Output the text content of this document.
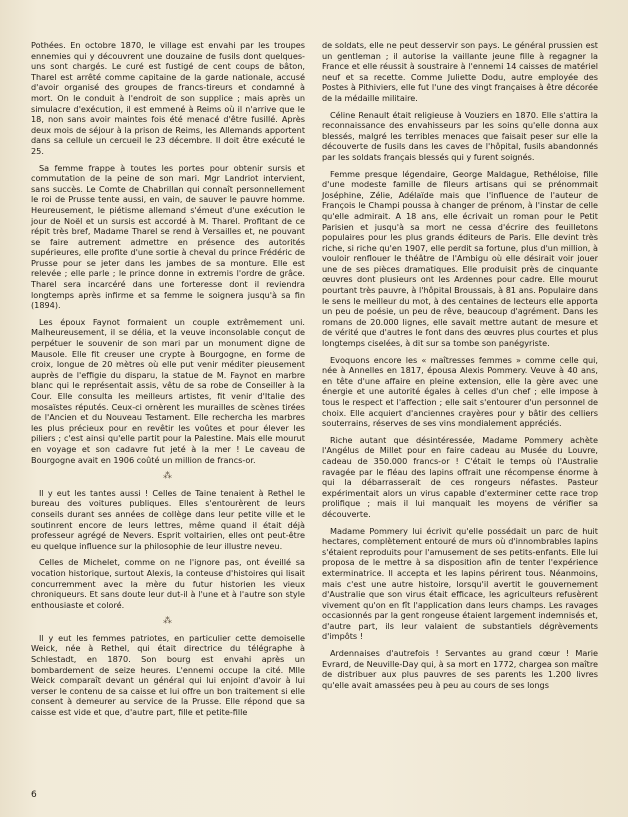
Pothées. En octobre 1870, le village est envahi par les troupes ennemies qui y découvrent une douzaine de fusils dont quelques-uns sont chargés. Le curé est fustigé de cent coups de bâton, Tharel est arrêté comme capitaine de la garde nationale, accusé d'avoir organisé des groupes de francs-tireurs et condamné à mort. On le conduit à l'endroit de son supplice ; mais après un simulacre d'exécution, il est emmené à Reims où il n'arrive que le 18, non sans avoir maintes fois été menacé d'être fusillé. Après deux mois de séjour à la prison de Reims, les Allemands apportent dans sa cellule un cercueil le 23 décembre. Il doit être exécuté le 25.

Sa femme frappe à toutes les portes pour obtenir sursis et commutation de la peine de son mari. Mgr Landriot intervient, sans succès. Le Comte de Chabrillan qui connaît personnellement le roi de Prusse tente aussi, en vain, de sauver le pauvre homme. Heureusement, le piétisme allemand s'émeut d'une exécution le jour de Noël et un sursis est accordé à M. Tharel. Profitant de ce répit très bref, Madame Tharel se rend à Versailles et, ne pouvant se faire autrement admettre en présence des autorités supérieures, elle profite d'une sortie à cheval du prince Frédéric de Prusse pour se jeter dans les jambes de sa monture. Elle est relevée ; elle parle ; le prince donne in extremis l'ordre de grâce. Tharel sera incarcéré dans une forteresse dont il reviendra longtemps après infirme et sa femme le soignera jusqu'à sa fin (1894).

Les époux Faynot formaient un couple extrêmement uni. Malheureusement, il se délia, et la veuve inconsolable conçut de perpétuer le souvenir de son mari par un monument digne de Mausole. Elle fit creuser une crypte à Bourgogne, en forme de croix, longue de 20 mètres où elle put venir méditer pieusement auprès de l'effigie du disparu, la statue de M. Faynot en marbre blanc qui le représentait assis, vêtu de sa robe de Conseiller à la Cour. Elle consulta les meilleurs artistes, fit venir d'Italie des mosaïstes réputés. Ceux-ci ornèrent les murailles de scènes tirées de l'Ancien et du Nouveau Testament. Elle rechercha les marbres les plus précieux pour en revêtir les voûtes et pour élever les piliers ; c'est ainsi qu'elle partit pour la Palestine. Mais elle mourut en voyage et son cadavre fut jeté à la mer ! Le caveau de Bourgogne avait en 1906 coûté un million de francs-or.

⁂

Il y eut les tantes aussi ! Celles de Taine tenaient à Rethel le bureau des voitures publiques. Elles s'entourèrent de leurs conseils durant ses années de collège dans leur petite ville et le soutinrent encore de leurs lettres, même quand il était déjà professeur agrégé de Nevers. Esprit voltairien, elles ont peut-être eu quelque influence sur la philosophie de leur illustre neveu.

Celles de Michelet, comme on ne l'ignore pas, ont éveillé sa vocation historique, surtout Alexis, la conteuse d'histoires qui lisait concurremment avec la mère du futur historien les vieux chroniqueurs. Et sans doute leur dut-il à l'une et à l'autre son style enthousiaste et coloré.

⁂

Il y eut les femmes patriotes, en particulier cette demoiselle Weick, née à Rethel, qui était directrice du télégraphe à Schlestadt, en 1870. Son bourg est envahi après un bombardement de seize heures. L'ennemi occupe la cité. Mlle Weick comparaît devant un général qui lui enjoint d'avoir à lui verser le contenu de sa caisse et lui offre un bon traitement si elle consent à demeurer au service de la Prusse. Elle répond que sa caisse est vide et que, d'autre part, fille et petite-fille

de soldats, elle ne peut desservir son pays. Le général prussien est un gentleman ; il autorise la vaillante jeune fille à regagner la France et elle réussit à soustraire à l'ennemi 14 caisses de matériel neuf et sa recette. Comme Juliette Dodu, autre employée des Postes à Pithiviers, elle fut l'une des vingt françaises à être décorée de la médaille militaire.

Céline Renault était religieuse à Vouziers en 1870. Elle s'attira la reconnaissance des envahisseurs par les soins qu'elle donna aux blessés, malgré les terribles menaces que faisait peser sur elle la découverte de fusils dans les caves de l'hôpital, fusils abandonnés par les soldats français blessés qui y furent soignés.

Femme presque légendaire, George Maldague, Rethéloise, fille d'une modeste famille de fileurs artisans qui se prénommait Joséphine, Zélie, Adélaïde mais que l'influence de l'auteur de François le Champi poussa à changer de prénom, à l'instar de celle qu'elle admirait. A 18 ans, elle écrivait un roman pour le Petit Parisien et jusqu'à sa mort ne cessa d'écrire des feuilletons populaires pour les plus grands éditeurs de Paris. Elle devint très riche, si riche qu'en 1907, elle perdit sa fortune, plus d'un million, à vouloir renflouer le théâtre de l'Ambigu où elle désirait voir jouer une de ses pièces dramatiques. Elle produisit près de cinquante œuvres dont plusieurs ont les Ardennes pour cadre. Elle mourut pourtant très pauvre, à l'hôpital Broussais, à 81 ans. Populaire dans le sens le meilleur du mot, à des centaines de lecteurs elle apporta un peu de poésie, un peu de rêve, beaucoup d'agrément. Dans les romans de 20.000 lignes, elle savait mettre autant de mesure et de vérité que d'autres le font dans des œuvres plus courtes et plus longtemps ciselées, à dit sur sa tombe son panégyriste.

Evoquons encore les « maîtresses femmes » comme celle qui, née à Annelles en 1817, épousa Alexis Pommery. Veuve à 40 ans, en tête d'une affaire en pleine extension, elle la gère avec une énergie et une autorité égales à celles d'un chef ; elle impose à tous le respect et l'affection ; elle sait s'entourer d'un personnel de choix. Elle acquiert d'anciennes crayères pour y bâtir des celliers souterrains, réserves de ses vins mondialement appréciés.

Riche autant que désintéressée, Madame Pommery achète l'Angélus de Millet pour en faire cadeau au Musée du Louvre, cadeau de 350.000 francs-or ! C'était le temps où l'Australie ravagée par le fléau des lapins offrait une récompense énorme à qui la débarrasserait de ces rongeurs néfastes. Pasteur expérimentait alors un virus capable d'exterminer cette race trop prolifique ; mais il lui manquait les moyens de vérifier sa découverte.

Madame Pommery lui écrivit qu'elle possédait un parc de huit hectares, complètement entouré de murs où d'innombrables lapins s'étaient reproduits pour l'amusement de ses petits-enfants. Elle lui proposa de le mettre à sa disposition afin de tenter l'expérience exterminatrice. Il accepta et les lapins périrent tous. Néanmoins, mais c'est une autre histoire, lorsqu'il avertit le gouvernement d'Australie que son virus était efficace, les agriculteurs refusèrent vivement qu'on en fît l'application dans leurs champs. Les ravages occasionnés par la gent rongeuse étaient largement indemnisés et, d'autre part, ils leur valaient de substantiels dégrèvements d'impôts !

Ardennaises d'autrefois ! Servantes au grand cœur ! Marie Evrard, de Neuville-Day qui, à sa mort en 1772, chargea son maître de distribuer aux plus pauvres de ses parents les 1.200 livres qu'elle avait amassées peu à peu au cours de ses longs

6
